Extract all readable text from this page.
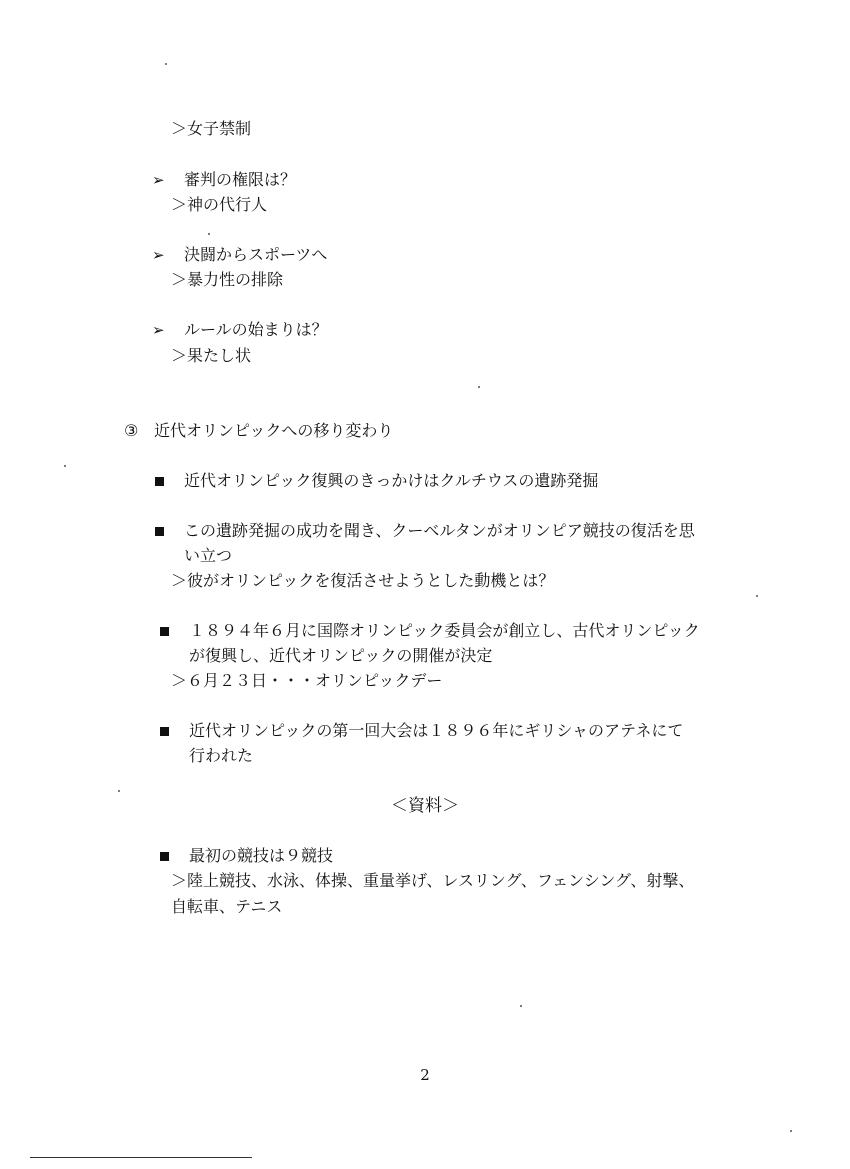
＞女子禁制
➢ 審判の権限は？
＞神の代行人
➢ 決闘からスポーツへ
＞暴力性の排除
➢ ルールの始まりは？
＞果たし状
③ 近代オリンピックへの移り変わり
近代オリンピック復興のきっかけはクルチウスの遺跡発掘
この遺跡発掘の成功を聞き、クーベルタンがオリンピア競技の復活を思
い立つ
＞彼がオリンピックを復活させようとした動機とは？
１８９４年６月に国際オリンピック委員会が創立し、古代オリンピック
が復興し、近代オリンピックの開催が決定
＞６月２３日・・・オリンピックデー
近代オリンピックの第一回大会は１８９６年にギリシャのアテネにて
行われた
＜資料＞
最初の競技は９競技
＞陸上競技、水泳、体操、重量挙げ、レスリング、フェンシング、射撃、
自転車、テニス
2
